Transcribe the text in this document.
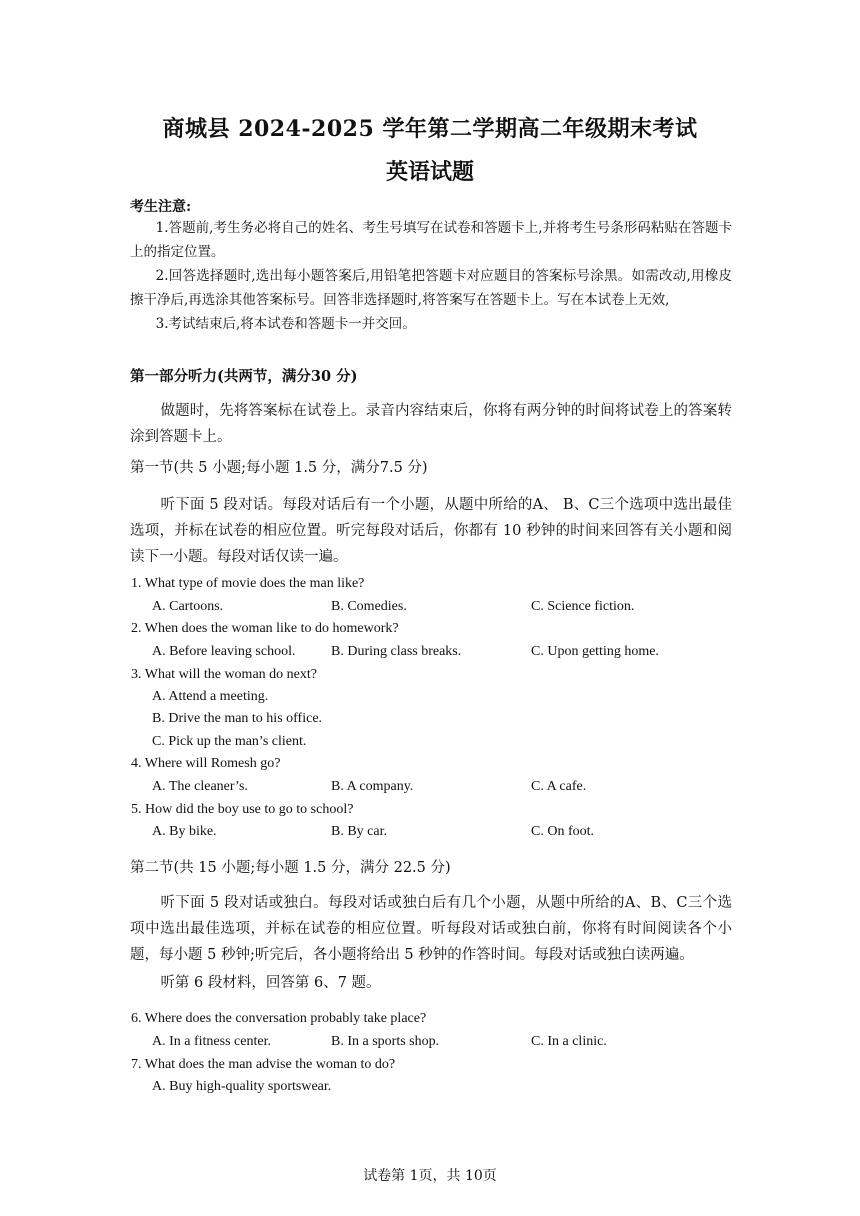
商城县 2024-2025 学年第二学期高二年级期末考试
英语试题
考生注意:

1.答题前,考生务必将自己的姓名、考生号填写在试卷和答题卡上,并将考生号条形码粘贴在答题卡上的指定位置。

2.回答选择题时,选出每小题答案后,用铅笔把答题卡对应题目的答案标号涂黑。如需改动,用橡皮擦干净后,再选涂其他答案标号。回答非选择题时,将答案写在答题卡上。写在本试卷上无效,

3.考试结束后,将本试卷和答题卡一并交回。

第一部分听力(共两节，满分30 分)

做题时，先将答案标在试卷上。录音内容结束后，你将有两分钟的时间将试卷上的答案转涂到答题卡上。

第一节(共 5 小题;每小题 1.5 分，满分7.5 分)

听下面 5 段对话。每段对话后有一个小题，从题中所给的A、 B、C三个选项中选出最佳选项，并标在试卷的相应位置。听完每段对话后，你都有 10 秒钟的时间来回答有关小题和阅读下一小题。每段对话仅读一遍。

1. What type of movie does the man like?
A. Cartoons.	B. Comedies.	C. Science fiction.
2. When does the woman like to do homework?
A. Before leaving school.	B. During class breaks.	C. Upon getting home.
3. What will the woman do next?
A. Attend a meeting.
B. Drive the man to his office.
C. Pick up the man’s client.
4. Where will Romesh go?
A. The cleaner’s.	B. A company.	C. A cafe.
5. How did the boy use to go to school?
A. By bike.	B. By car.	C. On foot.
第二节(共 15 小题;每小题 1.5 分，满分 22.5 分)

听下面 5 段对话或独白。每段对话或独白后有几个小题，从题中所给的A、B、C三个选项中选出最佳选项，并标在试卷的相应位置。听每段对话或独白前，你将有时间阅读各个小题，每小题 5 秒钟;听完后，各小题将给出 5 秒钟的作答时间。每段对话或独白读两遍。

听第 6 段材料，回答第 6、7 题。

6. Where does the conversation probably take place?
A. In a fitness center.	B. In a sports shop.	C. In a clinic.
7. What does the man advise the woman to do?
A. Buy high-quality sportswear.
试卷第 1页，共 10页
